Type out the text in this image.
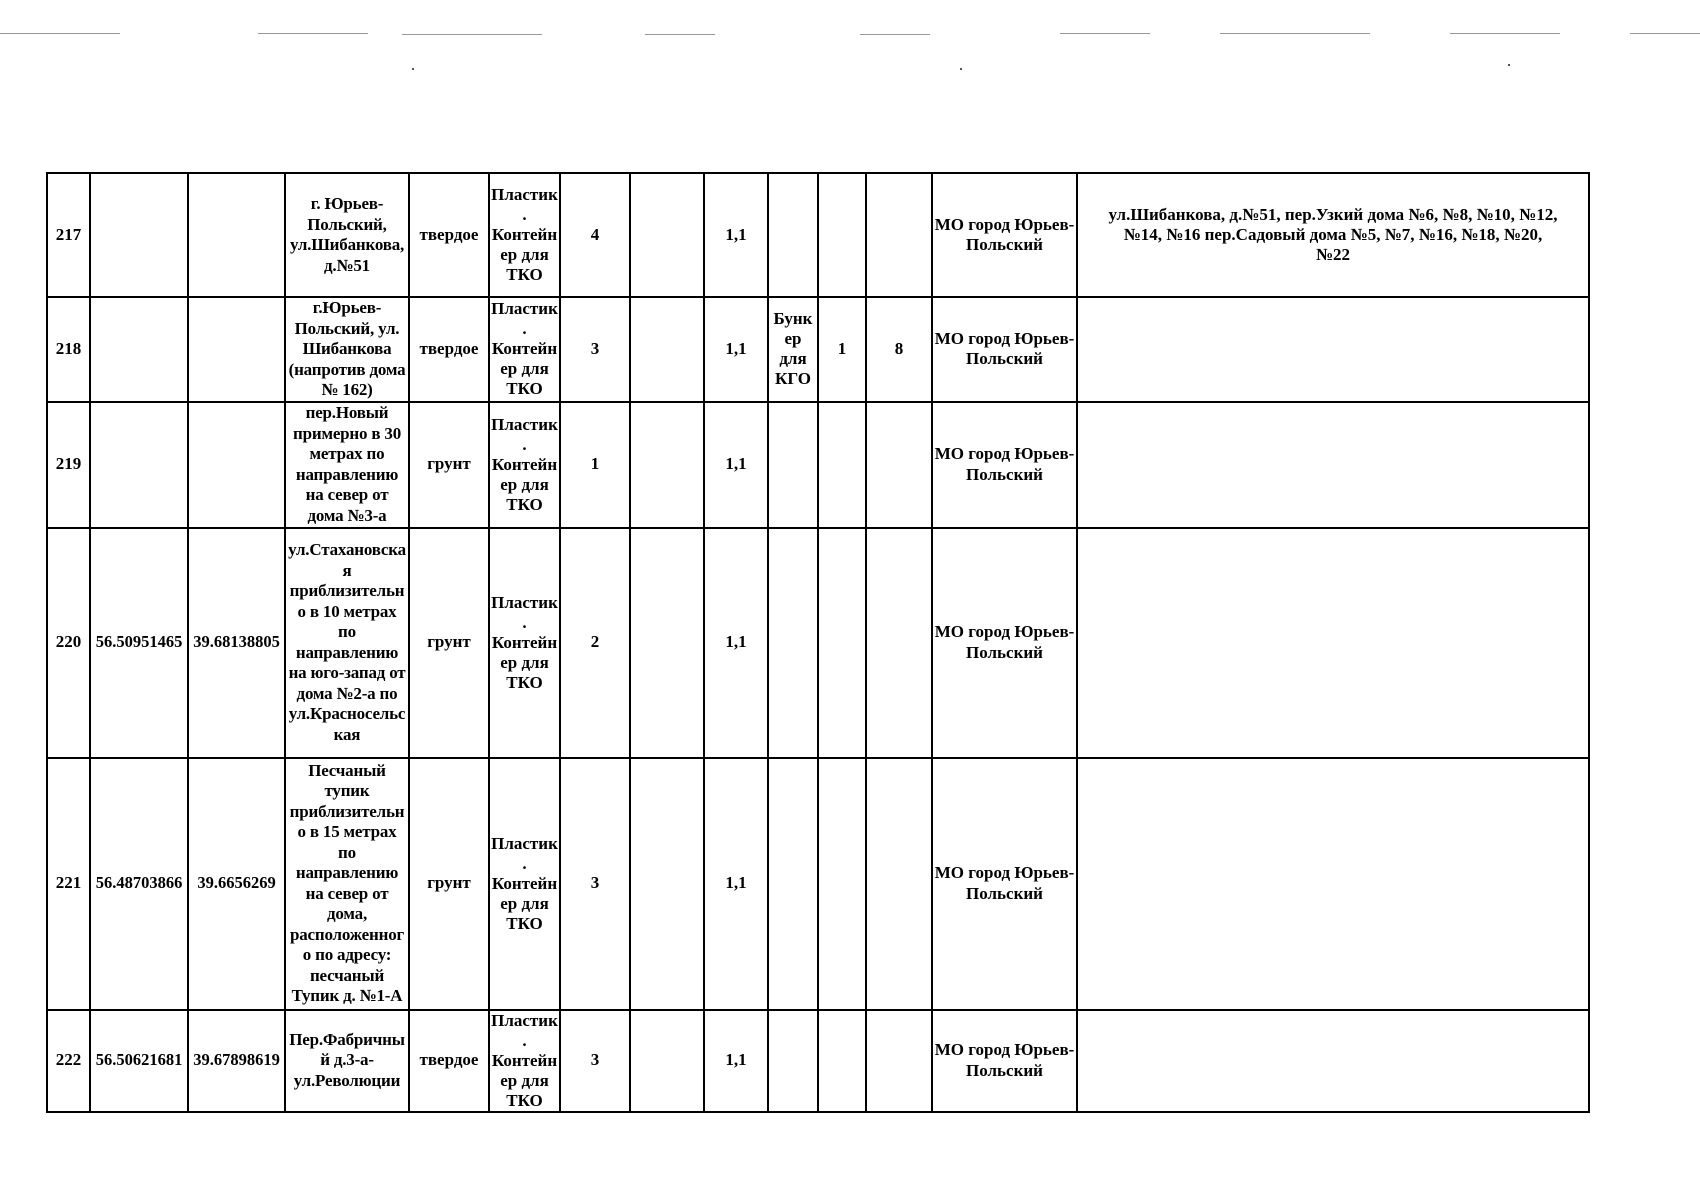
217			г. Юрьев-Польский, ул.Шибанкова, д.№51	твердое	Пластик. Контейнер для ТКО	4		1,1				МО город Юрьев-Польский	ул.Шибанкова, д.№51, пер.Узкий дома №6, №8, №10, №12,
№14, №16 пер.Садовый дома №5, №7, №16, №18, №20,
№22

218			г.Юрьев-Польский, ул. Шибанкова (напротив дома № 162)	твердое	Пластик. Контейнер для ТКО	3		1,1	Бункер для КГО	1	8	МО город Юрьев-Польский	

219			пер.Новый примерно в 30 метрах по направлению на север от дома №3-а	грунт	Пластик. Контейнер для ТКО	1		1,1				МО город Юрьев-Польский	

220	56.50951465	39.68138805	ул.Стахановская приблизительно в 10 метрах по направлению на юго-запад от дома №2-а по ул.Красносельская	грунт	Пластик. Контейнер для ТКО	2		1,1				МО город Юрьев-Польский	

221	56.48703866	39.6656269	Песчаный тупик приблизительно в 15 метрах по направлению на север от дома, расположенного по адресу: песчаный Тупик д. №1-А	грунт	Пластик. Контейнер для ТКО	3		1,1				МО город Юрьев-Польский	

222	56.50621681	39.67898619	Пер.Фабричный д.3-а-ул.Революции	твердое	Пластик. Контейнер для ТКО	3		1,1				МО город Юрьев-Польский	
